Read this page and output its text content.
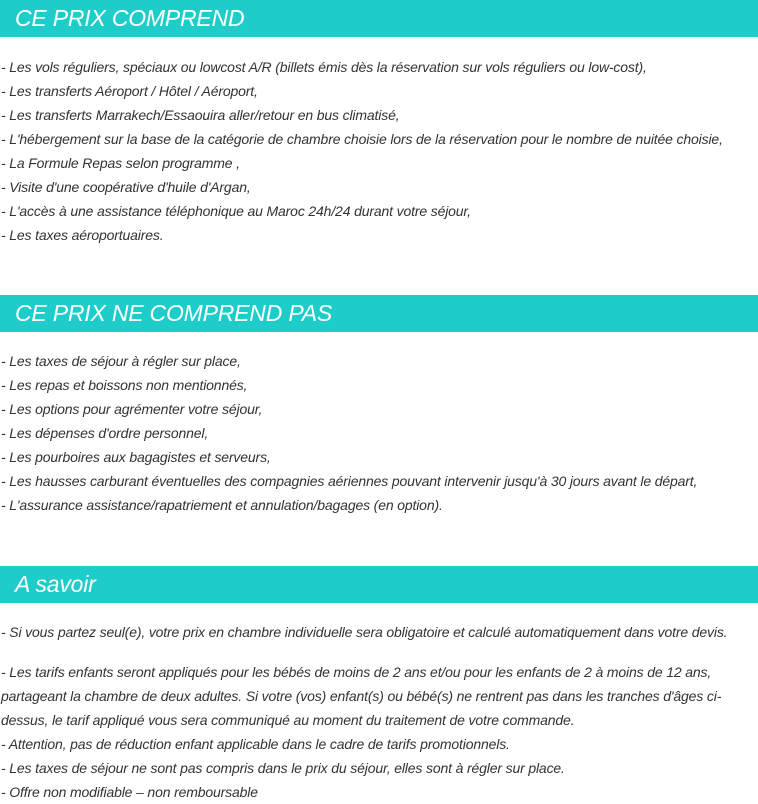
CE PRIX COMPREND
- Les vols réguliers, spéciaux ou lowcost A/R (billets émis dès la réservation sur vols réguliers ou low-cost),
- Les transferts Aéroport / Hôtel / Aéroport,
- Les transferts Marrakech/Essaouira aller/retour en bus climatisé,
- L'hébergement sur la base de la catégorie de chambre choisie lors de la réservation pour le nombre de nuitée choisie,
- La Formule Repas selon programme ,
- Visite d'une coopérative d'huile d'Argan,
- L'accès à une assistance téléphonique au Maroc 24h/24 durant votre séjour,
- Les taxes aéroportuaires.
CE PRIX NE COMPREND PAS
- Les taxes de séjour à régler sur place,
- Les repas et boissons non mentionnés,
- Les options pour agrémenter votre séjour,
- Les dépenses d'ordre personnel,
- Les pourboires aux bagagistes et serveurs,
- Les hausses carburant éventuelles des compagnies aériennes pouvant intervenir jusqu'à 30 jours avant le départ,
- L'assurance assistance/rapatriement et annulation/bagages (en option).
A savoir

- Si vous partez seul(e), votre prix en chambre individuelle sera obligatoire et calculé automatiquement dans votre devis.

- Les tarifs enfants seront appliqués pour les bébés de moins de 2 ans et/ou pour les enfants de 2 à moins de 12 ans, partageant la chambre de deux adultes. Si votre (vos) enfant(s) ou bébé(s) ne rentrent pas dans les tranches d'âges ci-dessus, le tarif appliqué vous sera communiqué au moment du traitement de votre commande.

- Attention, pas de réduction enfant applicable dans le cadre de tarifs promotionnels.
- Les taxes de séjour ne sont pas compris dans le prix du séjour, elles sont à régler sur place.
- Offre non modifiable – non remboursable
